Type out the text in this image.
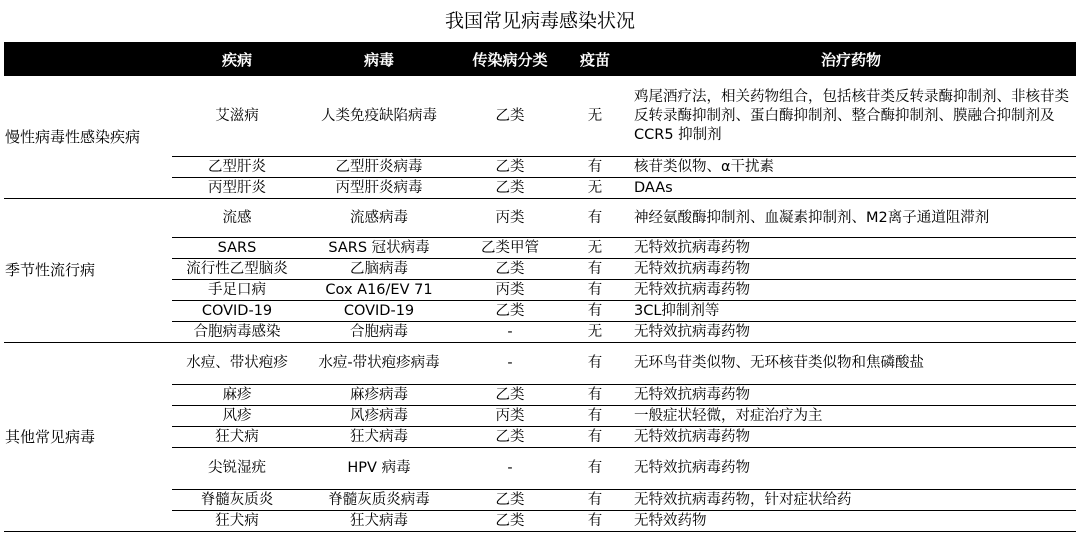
我国常见病毒感染状况
	疾病	病毒	传染病分类	疫苗	治疗药物
慢性病毒性感染疾病	艾滋病	人类免疫缺陷病毒	乙类	无	鸡尾酒疗法，相关药物组合，包括核苷类反转录酶抑制剂、非核苷类反转录酶抑制剂、蛋白酶抑制剂、整合酶抑制剂、膜融合抑制剂及 CCR5 抑制剂
	乙型肝炎	乙型肝炎病毒	乙类	有	核苷类似物、α干扰素
	丙型肝炎	丙型肝炎病毒	乙类	无	DAAs
季节性流行病	流感	流感病毒	丙类	有	神经氨酸酶抑制剂、血凝素抑制剂、M2离子通道阻滞剂
	SARS	SARS 冠状病毒	乙类甲管	无	无特效抗病毒药物
	流行性乙型脑炎	乙脑病毒	乙类	有	无特效抗病毒药物
	手足口病	Cox A16/EV 71	丙类	有	无特效抗病毒药物
	COVID-19	COVID-19	乙类	有	3CL抑制剂等
	合胞病毒感染	合胞病毒	-	无	无特效抗病毒药物
其他常见病毒	水痘、带状疱疹	水痘-带状疱疹病毒	-	有	无环鸟苷类似物、无环核苷类似物和焦磷酸盐
	麻疹	麻疹病毒	乙类	有	无特效抗病毒药物
	风疹	风疹病毒	丙类	有	一般症状轻微，对症治疗为主
	狂犬病	狂犬病毒	乙类	有	无特效抗病毒药物
	尖锐湿疣	HPV 病毒	-	有	无特效抗病毒药物
	脊髓灰质炎	脊髓灰质炎病毒	乙类	有	无特效抗病毒药物，针对症状给药
	狂犬病	狂犬病毒	乙类	有	无特效药物
